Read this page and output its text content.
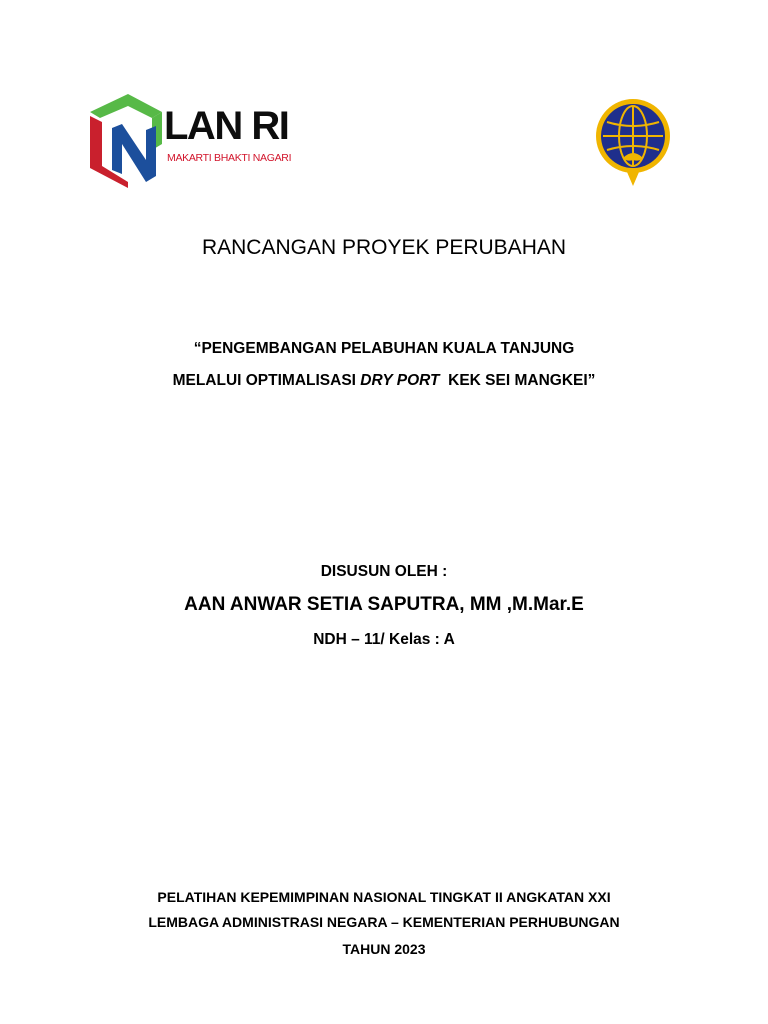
LAN RI
MAKARTI BHAKTI NAGARI
RANCANGAN PROYEK PERUBAHAN
“PENGEMBANGAN PELABUHAN KUALA TANJUNG
MELALUI OPTIMALISASI DRY PORT  KEK SEI MANGKEI”
DISUSUN OLEH :
AAN ANWAR SETIA SAPUTRA, MM ,M.Mar.E
NDH – 11/ Kelas : A
PELATIHAN KEPEMIMPINAN NASIONAL TINGKAT II ANGKATAN XXI
LEMBAGA ADMINISTRASI NEGARA – KEMENTERIAN PERHUBUNGAN
TAHUN 2023
